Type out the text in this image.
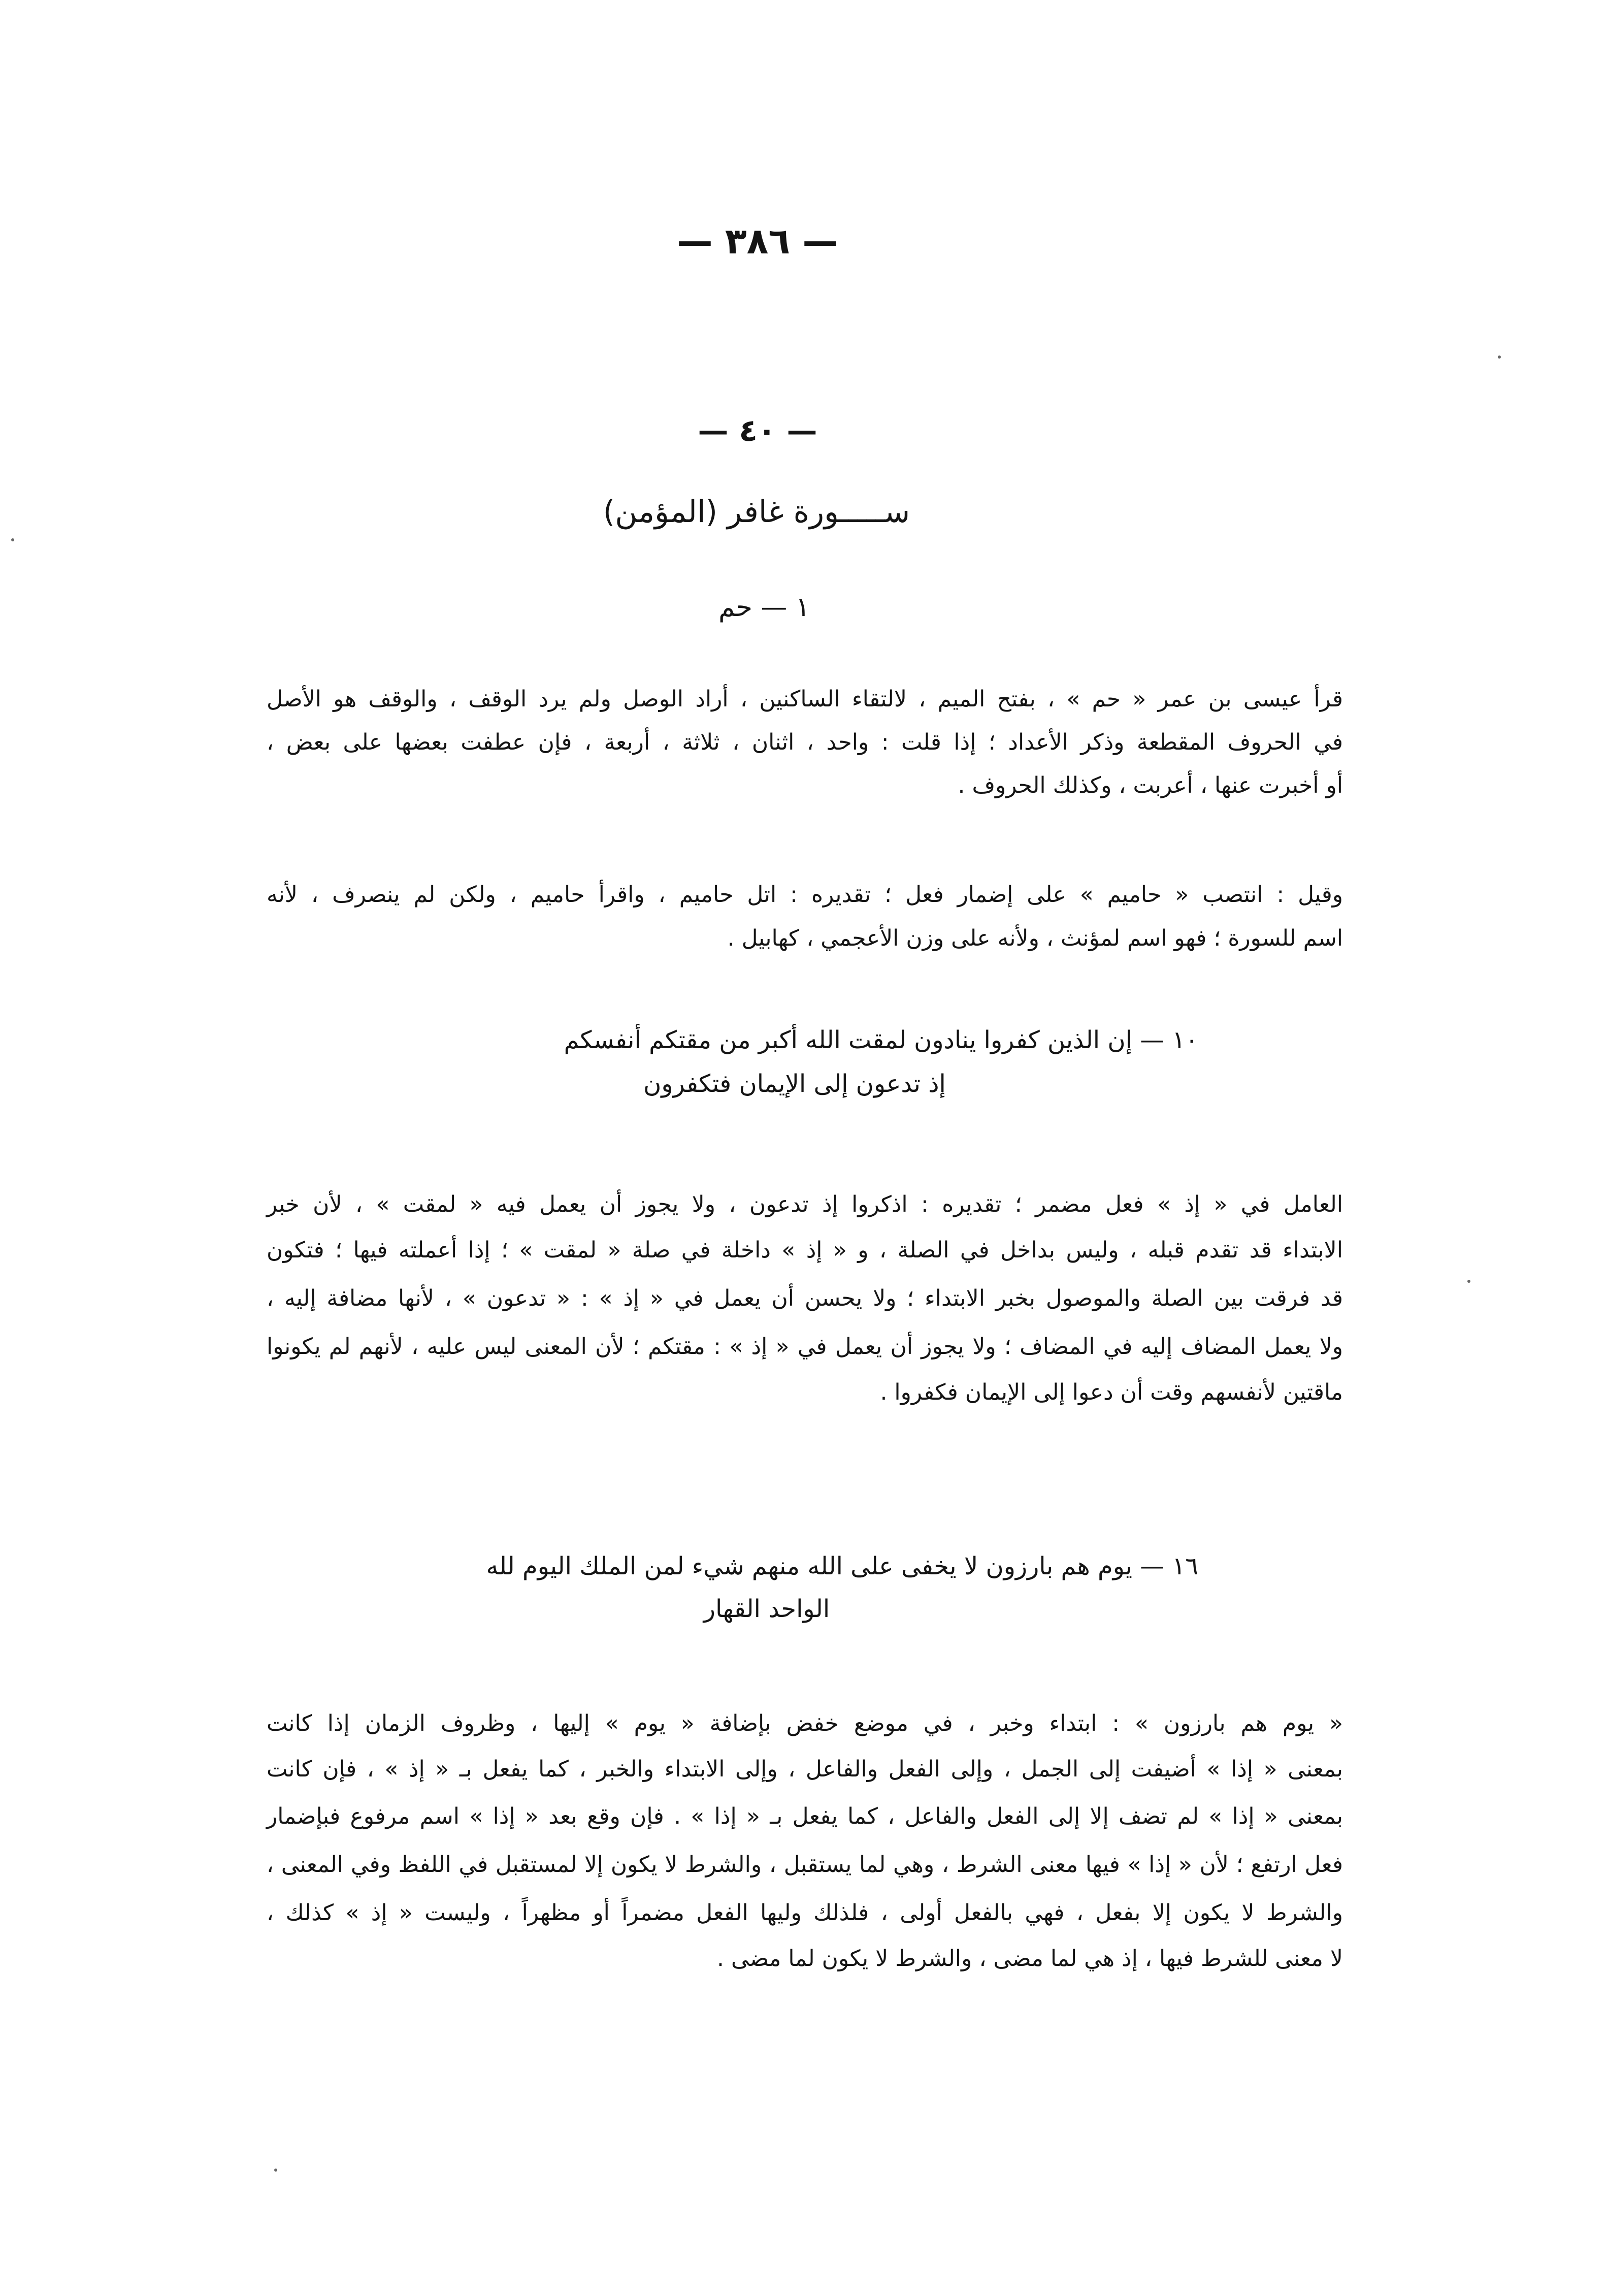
— ٣٨٦ —
— ٤٠ —
ســـــورة غافر (المؤمن)
١ — حم
قرأ عيسى بن عمر « حم » ، بفتح الميم ، لالتقاء الساكنين ، أراد الوصل ولم يرد الوقف ، والوقف هو الأصل
في الحروف المقطعة وذكر الأعداد ؛ إذا قلت : واحد ، اثنان ، ثلاثة ، أربعة ، فإن عطفت بعضها على بعض ،
أو أخبرت عنها ، أعربت ، وكذلك الحروف .
وقيل : انتصب « حاميم » على إضمار فعل ؛ تقديره : اتل حاميم ، واقرأ حاميم ، ولكن لم ينصرف ، لأنه
اسم للسورة ؛ فهو اسم لمؤنث ، ولأنه على وزن الأعجمي ، كهابيل .
١٠ — إن الذين كفروا ينادون لمقت الله أكبر من مقتكم أنفسكم
إذ تدعون إلى الإيمان فتكفرون
العامل في « إذ » فعل مضمر ؛ تقديره : اذكروا إذ تدعون ، ولا يجوز أن يعمل فيه « لمقت » ، لأن خبر
الابتداء قد تقدم قبله ، وليس بداخل في الصلة ، و « إذ » داخلة في صلة « لمقت » ؛ إذا أعملته فيها ؛ فتكون
قد فرقت بين الصلة والموصول بخبر الابتداء ؛ ولا يحسن أن يعمل في « إذ » : « تدعون » ، لأنها مضافة إليه ،
ولا يعمل المضاف إليه في المضاف ؛ ولا يجوز أن يعمل في « إذ » : مقتكم ؛ لأن المعنى ليس عليه ، لأنهم لم يكونوا
ماقتين لأنفسهم وقت أن دعوا إلى الإيمان فكفروا .
١٦ — يوم هم بارزون لا يخفى على الله منهم شيء لمن الملك اليوم لله
الواحد القهار
« يوم هم بارزون » : ابتداء وخبر ، في موضع خفض بإضافة « يوم » إليها ، وظروف الزمان إذا كانت
بمعنى « إذا » أضيفت إلى الجمل ، وإلى الفعل والفاعل ، وإلى الابتداء والخبر ، كما يفعل بـ « إذ » ، فإن كانت
بمعنى « إذا » لم تضف إلا إلى الفعل والفاعل ، كما يفعل بـ « إذا » . فإن وقع بعد « إذا » اسم مرفوع فبإضمار
فعل ارتفع ؛ لأن « إذا » فيها معنى الشرط ، وهي لما يستقبل ، والشرط لا يكون إلا لمستقبل في اللفظ وفي المعنى ،
والشرط لا يكون إلا بفعل ، فهي بالفعل أولى ، فلذلك وليها الفعل مضمراً أو مظهراً ، وليست « إذ » كذلك ،
لا معنى للشرط فيها ، إذ هي لما مضى ، والشرط لا يكون لما مضى .
